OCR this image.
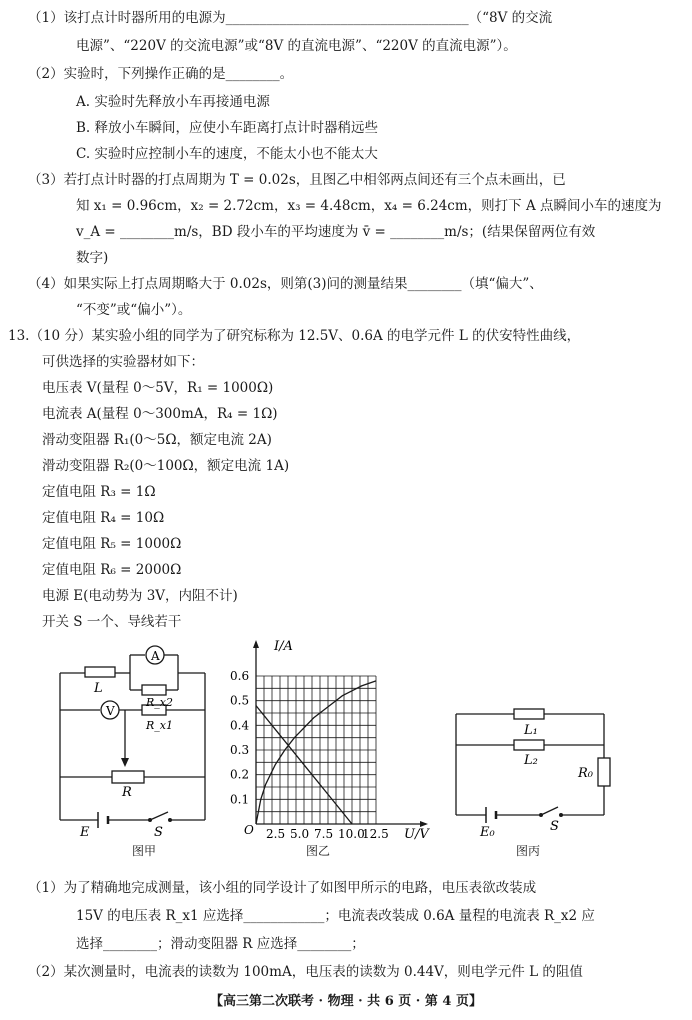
（1）该打点计时器所用的电源为____________________________________（“8V 的交流
电源”、“220V 的交流电源”或“8V 的直流电源”、“220V 的直流电源”）。
（2）实验时，下列操作正确的是________。
A. 实验时先释放小车再接通电源
B. 释放小车瞬间，应使小车距离打点计时器稍远些
C. 实验时应控制小车的速度，不能太小也不能太大
（3）若打点计时器的打点周期为 T = 0.02s，且图乙中相邻两点间还有三个点未画出，已
知 x₁ = 0.96cm，x₂ = 2.72cm，x₃ = 4.48cm，x₄ = 6.24cm，则打下 A 点瞬间小车的速度为
v_A = ________m/s，BD 段小车的平均速度为 v̄ = ________m/s；(结果保留两位有效
数字)
（4）如果实际上打点周期略大于 0.02s，则第(3)问的测量结果________（填“偏大”、
“不变”或“偏小”）。
13.（10 分）某实验小组的同学为了研究标称为 12.5V、0.6A 的电学元件 L 的伏安特性曲线，
可供选择的实验器材如下：
电压表 V(量程 0～5V，R₁ = 1000Ω)
电流表 A(量程 0～300mA，R₄ = 1Ω)
滑动变阻器 R₁(0～5Ω，额定电流 2A)
滑动变阻器 R₂(0～100Ω，额定电流 1A)
定值电阻 R₃ = 1Ω
定值电阻 R₄ = 10Ω
定值电阻 R₅ = 1000Ω
定值电阻 R₆ = 2000Ω
电源 E(电动势为 3V，内阻不计)
开关 S 一个、导线若干
L
A
R_x2
V
R_x1
R
E	S
图甲
0.1
0.2
0.3
0.4
0.5
0.6
2.5 5.0 7.5 10.0
12.5
I/A
U/V
O
图乙
L₁
L₂
R₀
E₀	S
图丙
（1）为了精确地完成测量，该小组的同学设计了如图甲所示的电路，电压表欲改装成
15V 的电压表 R_x1 应选择____________；电流表改装成 0.6A 量程的电流表 R_x2 应
选择________；滑动变阻器 R 应选择________；
（2）某次测量时，电流表的读数为 100mA，电压表的读数为 0.44V，则电学元件 L 的阻值
【高三第二次联考 · 物理 · 共 6 页 · 第 4 页】
